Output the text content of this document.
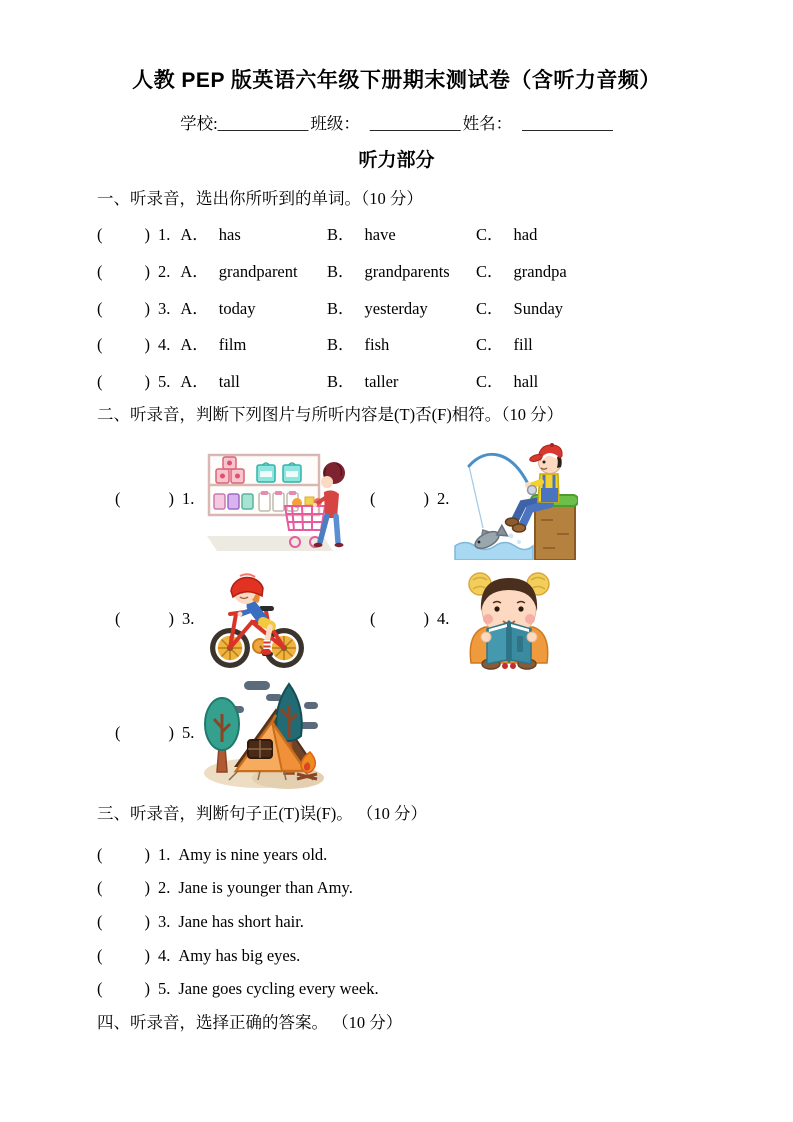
人教 PEP 版英语六年级下册期末测试卷（含听力音频）
学校:___________ 班级： ___________ 姓名： ___________
听力部分
一、听录音，选出你所听到的单词。（10 分）
(	) 1. A． has	B． have	C． had
(	) 2. A． grandparent	B． grandparents	C． grandpa
(	) 3. A． today	B． yesterday	C． Sunday
(	) 4. A． film	B． fish	C． fill
(	) 5. A． tall	B． taller	C． hall
二、听录音，判断下列图片与所听内容是(T)否(F)相符。（10 分）
(	) 1.	(	) 2.
(	) 3.	(	) 4.
(	) 5.
三、听录音，判断句子正(T)误(F)。 （10 分）
(	) 1. Amy is nine years old.
(	) 2. Jane is younger than Amy.
(	) 3. Jane has short hair.
(	) 4. Amy has big eyes.
(	) 5. Jane goes cycling every week.
四、听录音，选择正确的答案。 （10 分）
